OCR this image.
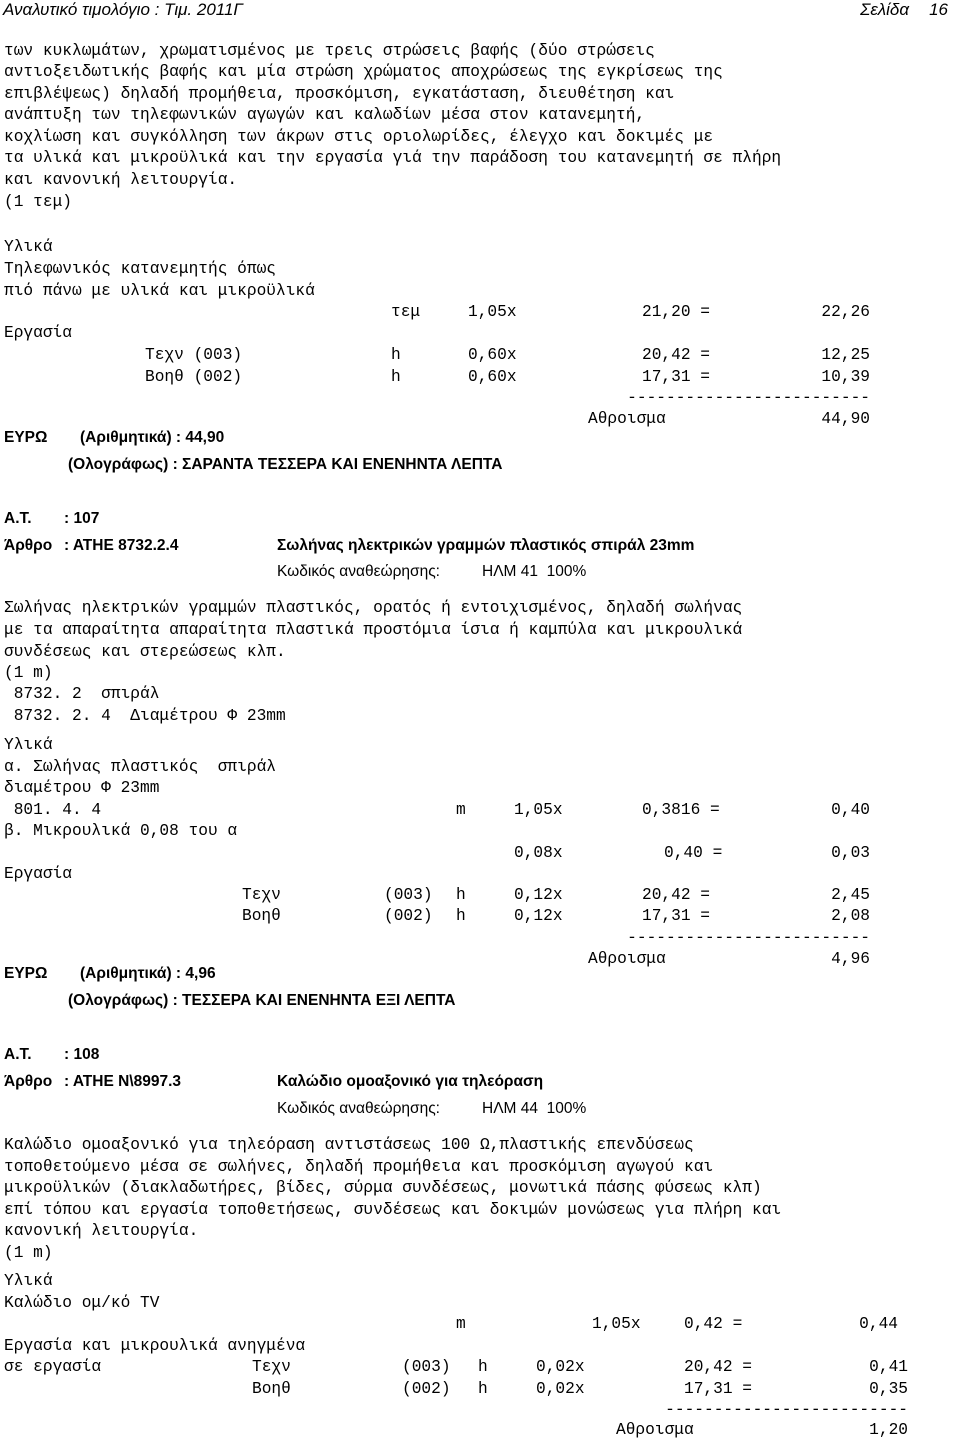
Αναλυτικό τιμολόγιο : Τιμ. 2011Γ	Σελίδα 16
των κυκλωμάτων, χρωματισμένος με τρεις στρώσεις βαφής (δύο στρώσεις
αντιοξειδωτικής βαφής και μία στρώση χρώματος αποχρώσεως της εγκρίσεως της
επιβλέψεως) δηλαδή προμήθεια, προσκόμιση, εγκατάσταση, διευθέτηση και
ανάπτυξη των τηλεφωνικών αγωγών και καλωδίων μέσα στον κατανεμητή,
κοχλίωση και συγκόλληση των άκρων στις οριολωρίδες, έλεγχο και δοκιμές με
τα υλικά και μικροϋλικά και την εργασία γιά την παράδοση του κατανεμητή σε πλήρη
και κανονική λειτουργία.
(1 τεμ)
Υλικά
Τηλεφωνικός κατανεμητής όπως
πιό πάνω με υλικά και μικροϋλικά
τεμ	1,05x	21,20 =	22,26
Εργασία
Τεχν (003)	h	0,60x	20,42 =	12,25
Βοηθ (002)	h	0,60x	17,31 =	10,39
-------------------------
Αθροισμα	44,90
ΕΥΡΩ (Αριθμητικά) : 44,90
(Ολογράφως) : ΣΑΡΑΝΤΑ ΤΕΣΣΕΡΑ ΚΑΙ ΕΝΕΝΗΝΤΑ ΛΕΠΤΑ
Α.Τ. : 107
Άρθρο : ΑΤΗΕ 8732.2.4	Σωλήνας ηλεκτρικών γραμμών πλαστικός σπιράλ 23mm
Κωδικός αναθεώρησης:	ΗΛΜ 41  100%
Σωλήνας ηλεκτρικών γραμμών πλαστικός, ορατός ή εντοιχισμένος, δηλαδή σωλήνας
με τα απαραίτητα απαραίτητα πλαστικά προστόμια ίσια ή καμπύλα και μικρουλικά
συνδέσεως και στερεώσεως κλπ.
(1 m)
8732. 2  σπιράλ
8732. 2. 4  Διαμέτρου Φ 23mm
Υλικά
α. Σωλήνας πλαστικός  σπιράλ
διαμέτρου Φ 23mm
801. 4. 4	m	1,05x	0,3816 =	0,40
β. Μικρουλικά 0,08 του α
0,08x	0,40 =	0,03
Εργασία
Τεχν	(003) h	0,12x	20,42 =	2,45
Βοηθ	(002) h	0,12x	17,31 =	2,08
-------------------------
Αθροισμα	4,96
ΕΥΡΩ (Αριθμητικά) : 4,96
(Ολογράφως) : ΤΕΣΣΕΡΑ ΚΑΙ ΕΝΕΝΗΝΤΑ ΕΞΙ ΛΕΠΤΑ
Α.Τ. : 108
Άρθρο : ΑΤΗΕ Ν\8997.3	Καλώδιο ομοαξονικό για τηλεόραση
Κωδικός αναθεώρησης:	ΗΛΜ 44  100%
Καλώδιο ομοαξονικό για τηλεόραση αντιστάσεως 100 Ω,πλαστικής επενδύσεως
τοποθετούμενο μέσα σε σωλήνες, δηλαδή προμήθεια και προσκόμιση αγωγού και
μικροϋλικών (διακλαδωτήρες, βίδες, σύρμα συνδέσεως, μονωτικά πάσης φύσεως κλπ)
επί τόπου και εργασία τοποθετήσεως, συνδέσεως και δοκιμών μονώσεως για πλήρη και
κανονική λειτουργία.
(1 m)
Υλικά
Καλώδιο ομ/κό TV
m	1,05x	0,42 =	0,44
Εργασία και μικρουλικά ανηγμένα
σε εργασία	Τεχν	(003) h	0,02x	20,42 =	0,41
Βοηθ	(002) h	0,02x	17,31 =	0,35
-------------------------
Αθροισμα	1,20
